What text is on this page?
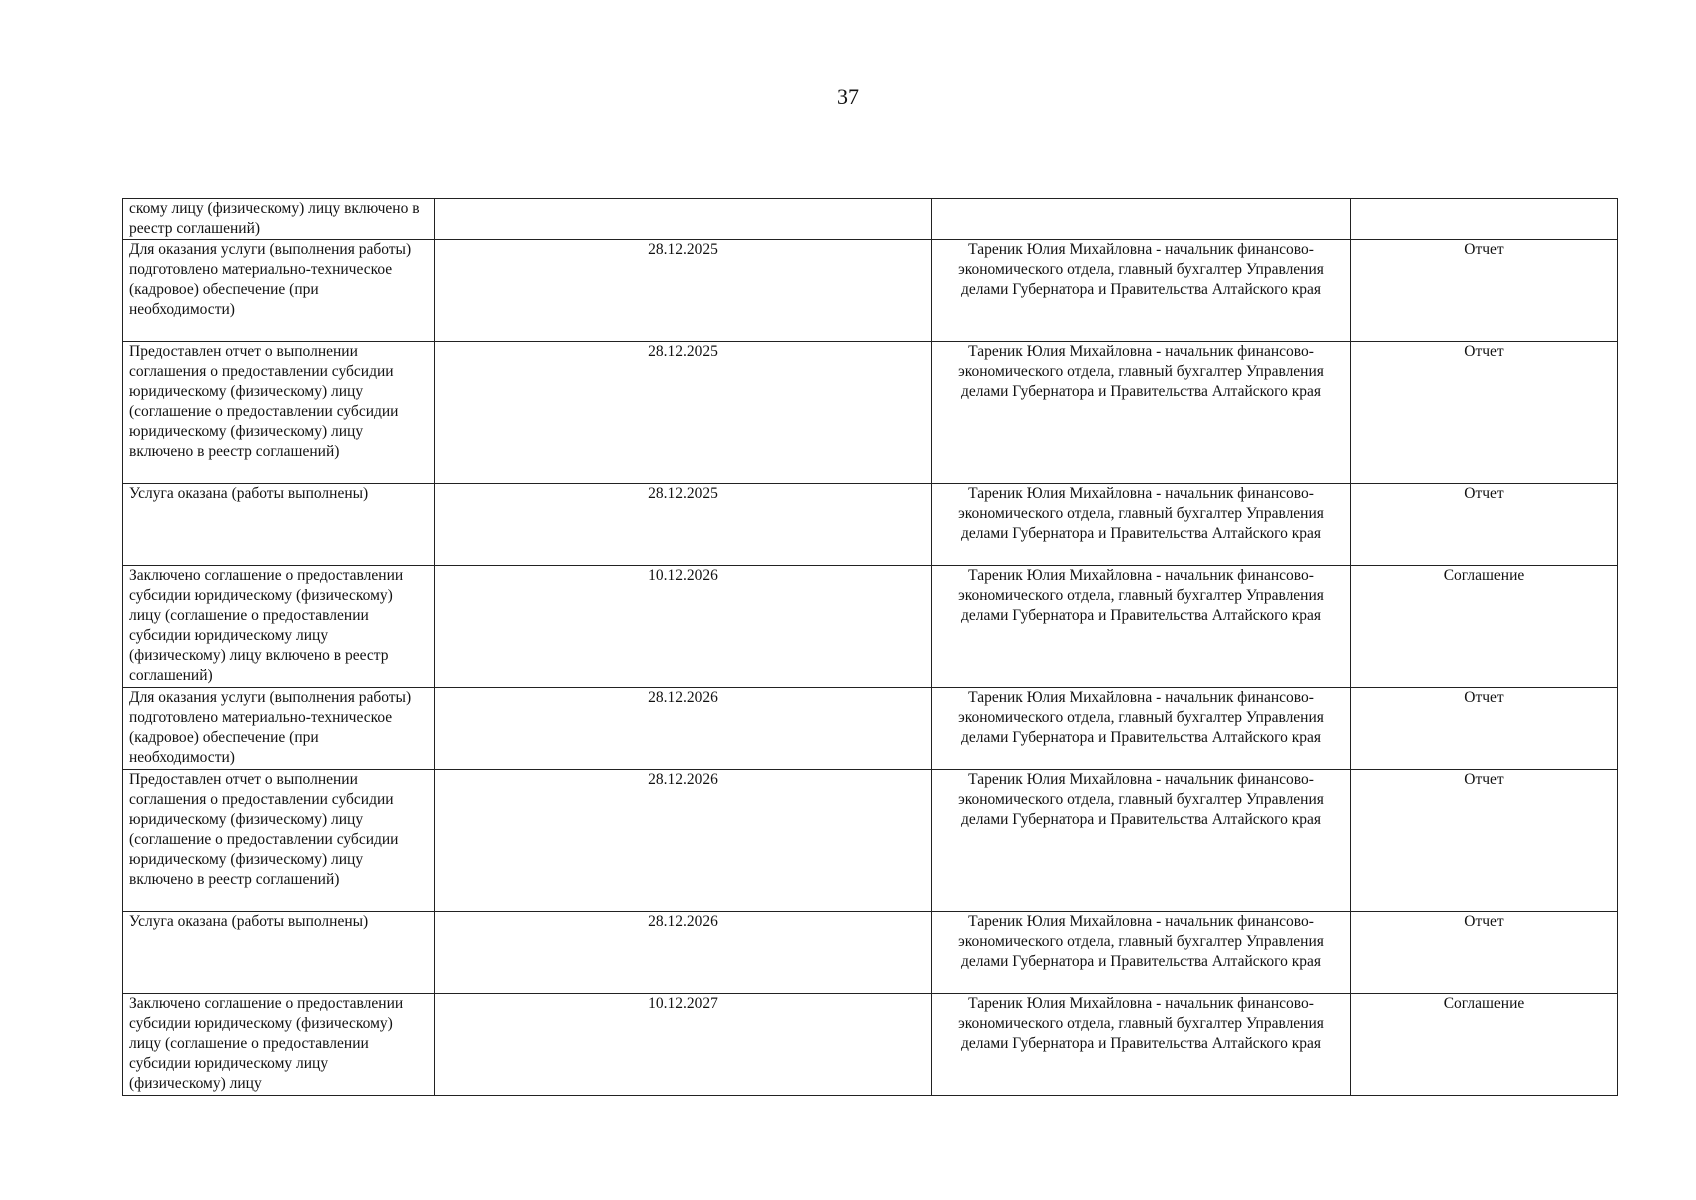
37
скому лицу (физическому) лицу включено в реестр соглашений)			
Для оказания услуги (выполнения работы) подготовлено материально-техническое (кадровое) обеспечение (при необходимости)	28.12.2025	Тареник Юлия Михайловна - начальник финансово-экономического отдела, главный бухгалтер Управления делами Губернатора и Правительства Алтайского края	Отчет
Предоставлен отчет о выполнении соглашения о предоставлении субсидии юридическому (физическому) лицу (соглашение о предоставлении субсидии юридическому (физическому) лицу включено в реестр соглашений)	28.12.2025	Тареник Юлия Михайловна - начальник финансово-экономического отдела, главный бухгалтер Управления делами Губернатора и Правительства Алтайского края	Отчет
Услуга оказана (работы выполнены)	28.12.2025	Тареник Юлия Михайловна - начальник финансово-экономического отдела, главный бухгалтер Управления делами Губернатора и Правительства Алтайского края	Отчет
Заключено соглашение о предоставлении субсидии юридическому (физическому) лицу (соглашение о предоставлении субсидии юридическому лицу (физическому) лицу включено в реестр соглашений)	10.12.2026	Тареник Юлия Михайловна - начальник финансово-экономического отдела, главный бухгалтер Управления делами Губернатора и Правительства Алтайского края	Соглашение
Для оказания услуги (выполнения работы) подготовлено материально-техническое (кадровое) обеспечение (при необходимости)	28.12.2026	Тареник Юлия Михайловна - начальник финансово-экономического отдела, главный бухгалтер Управления делами Губернатора и Правительства Алтайского края	Отчет
Предоставлен отчет о выполнении соглашения о предоставлении субсидии юридическому (физическому) лицу (соглашение о предоставлении субсидии юридическому (физическому) лицу включено в реестр соглашений)	28.12.2026	Тареник Юлия Михайловна - начальник финансово-экономического отдела, главный бухгалтер Управления делами Губернатора и Правительства Алтайского края	Отчет
Услуга оказана (работы выполнены)	28.12.2026	Тареник Юлия Михайловна - начальник финансово-экономического отдела, главный бухгалтер Управления делами Губернатора и Правительства Алтайского края	Отчет
Заключено соглашение о предоставлении субсидии юридическому (физическому) лицу (соглашение о предоставлении субсидии юридическому лицу (физическому) лицу	10.12.2027	Тареник Юлия Михайловна - начальник финансово-экономического отдела, главный бухгалтер Управления делами Губернатора и Правительства Алтайского края	Соглашение
